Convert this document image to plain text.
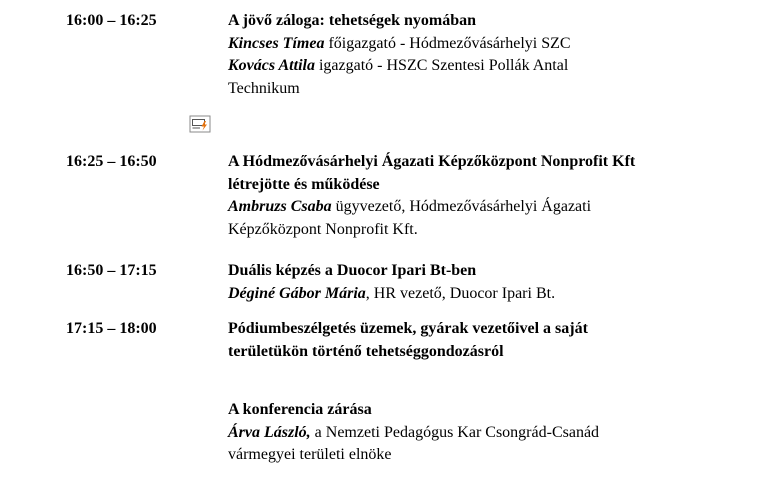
16:00 – 16:25	A jövő záloga: tehetségek nyomában
Kincses Tímea főigazgató - Hódmezővásárhelyi SZC
Kovács Attila igazgató - HSZC Szentesi Pollák Antal
Technikum
16:25 – 16:50	A Hódmezővásárhelyi Ágazati Képzőközpont Nonprofit Kft
létrejötte és működése
Ambruzs Csaba ügyvezető, Hódmezővásárhelyi Ágazati
Képzőközpont Nonprofit Kft.
16:50 – 17:15	Duális képzés a Duocor Ipari Bt-ben
Déginé Gábor Mária, HR vezető, Duocor Ipari Bt.
17:15 – 18:00	Pódiumbeszélgetés üzemek, gyárak vezetőivel a saját
területükön történő tehetséggondozásról
A konferencia zárása
Árva László, a Nemzeti Pedagógus Kar Csongrád-Csanád
vármegyei területi elnöke
